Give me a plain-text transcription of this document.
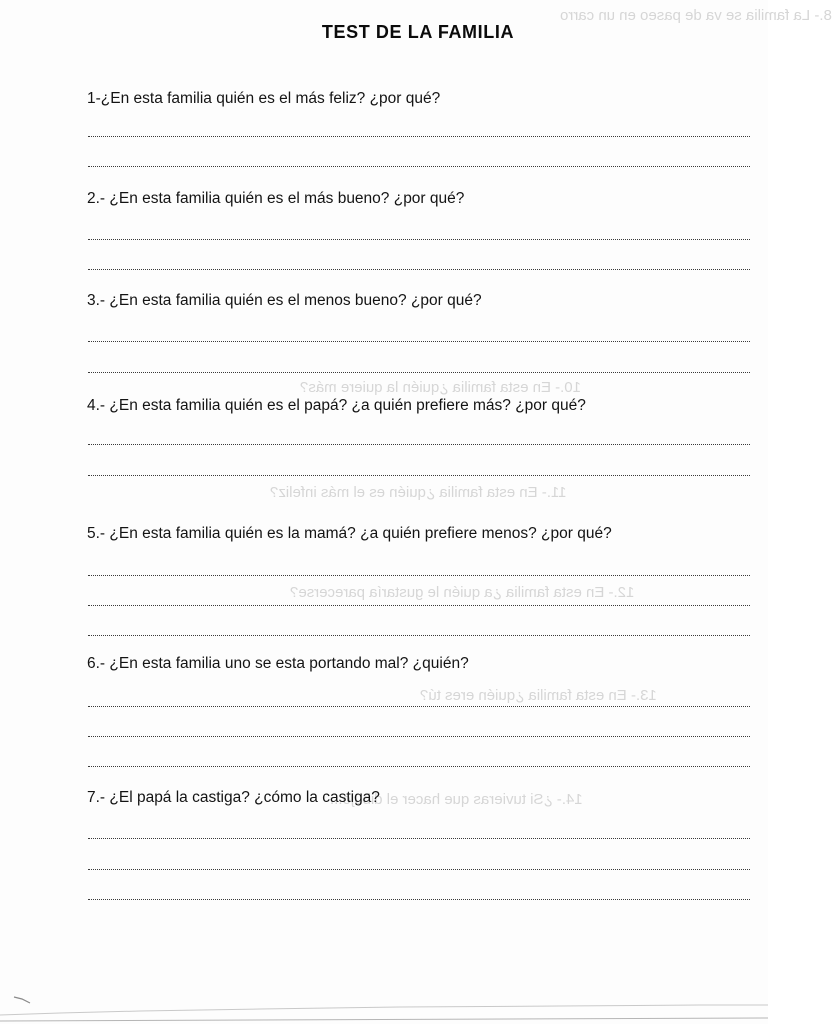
8.- La familia se va de paseo en un carro
10.- En esta familia ¿quién la quiere más?
11.- En esta familia ¿quién es el más infeliz?
12.- En esta familia ¿a quién le gustaría parecerse?
13.- En esta familia ¿quién eres tú?
14.- ¿Si tuvieras que hacer el dibujo...
TEST DE LA FAMILIA

1-¿En esta familia quién es el más feliz? ¿por qué?

2.- ¿En esta familia quién es el más bueno? ¿por qué?

3.- ¿En esta familia quién es el menos bueno? ¿por qué?

4.- ¿En esta familia quién es el papá? ¿a quién prefiere más? ¿por qué?

5.- ¿En esta familia quién es la mamá? ¿a quién prefiere menos? ¿por qué?

6.- ¿En esta familia uno se esta portando mal? ¿quién?

7.- ¿El papá la castiga? ¿cómo la castiga?
